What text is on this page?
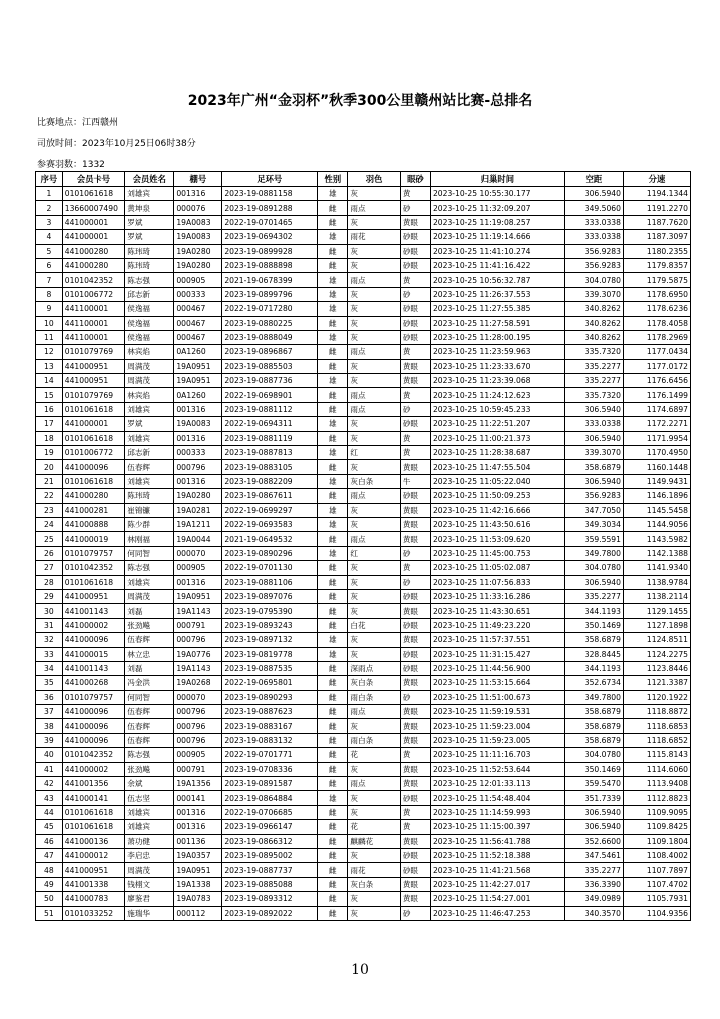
2023年广州“金羽杯”秋季300公里赣州站比赛-总排名
比赛地点：江西赣州
司放时间：2023年10月25日06时38分
参赛羽数：1332
序号	会员卡号	会员姓名	棚号	足环号	性别	羽色	眼砂	归巢时间	空距	分速
1	0101061618	刘雄宾	001316	2023-19-0881158	雄	灰	黄	2023-10-25 10:55:30.177	306.5940	1194.1344
2	13660007490	黄坤泉	000076	2023-19-0891288	雌	雨点	砂	2023-10-25 11:32:09.207	349.5060	1191.2270
3	441000001	罗斌	19A0083	2022-19-0701465	雌	灰	黄眼	2023-10-25 11:19:08.257	333.0338	1187.7620
4	441000001	罗斌	19A0083	2023-19-0694302	雄	雨花	砂眼	2023-10-25 11:19:14.666	333.0338	1187.3097
5	441000280	陈玮琦	19A0280	2023-19-0899928	雌	灰	砂眼	2023-10-25 11:41:10.274	356.9283	1180.2355
6	441000280	陈玮琦	19A0280	2023-19-0888898	雌	灰	砂眼	2023-10-25 11:41:16.422	356.9283	1179.8357
7	0101042352	陈志强	000905	2021-19-0678399	雄	雨点	黄	2023-10-25 10:56:32.787	304.0780	1179.5875
8	0101006772	邱志新	000333	2023-19-0899796	雄	灰	砂	2023-10-25 11:26:37.553	339.3070	1178.6950
9	441100001	侯逸福	000467	2022-19-0717280	雄	灰	砂眼	2023-10-25 11:27:55.385	340.8262	1178.6236
10	441100001	侯逸福	000467	2023-19-0880225	雌	灰	砂眼	2023-10-25 11:27:58.591	340.8262	1178.4058
11	441100001	侯逸福	000467	2023-19-0888049	雄	灰	砂眼	2023-10-25 11:28:00.195	340.8262	1178.2969
12	0101079769	林宾焰	0A1260	2023-19-0896867	雌	雨点	黄	2023-10-25 11:23:59.963	335.7320	1177.0434
13	441000951	周满茂	19A0951	2023-19-0885503	雌	灰	黄眼	2023-10-25 11:23:33.670	335.2277	1177.0172
14	441000951	周满茂	19A0951	2023-19-0887736	雄	灰	黄眼	2023-10-25 11:23:39.068	335.2277	1176.6456
15	0101079769	林宾焰	0A1260	2022-19-0698901	雌	雨点	黄	2023-10-25 11:24:12.623	335.7320	1176.1499
16	0101061618	刘雄宾	001316	2023-19-0881112	雌	雨点	砂	2023-10-25 10:59:45.233	306.5940	1174.6897
17	441000001	罗斌	19A0083	2022-19-0694311	雄	灰	砂眼	2023-10-25 11:22:51.207	333.0338	1172.2271
18	0101061618	刘雄宾	001316	2023-19-0881119	雌	灰	黄	2023-10-25 11:00:21.373	306.5940	1171.9954
19	0101006772	邱志新	000333	2023-19-0887813	雄	红	黄	2023-10-25 11:28:38.687	339.3070	1170.4950
20	441000096	伍春辉	000796	2023-19-0883105	雌	灰	黄眼	2023-10-25 11:47:55.504	358.6879	1160.1448
21	0101061618	刘雄宾	001316	2023-19-0882209	雄	灰白条	牛	2023-10-25 11:05:22.040	306.5940	1149.9431
22	441000280	陈玮琦	19A0280	2023-19-0867611	雌	雨点	砂眼	2023-10-25 11:50:09.253	356.9283	1146.1896
23	441000281	崔锦镰	19A0281	2022-19-0699297	雄	灰	黄眼	2023-10-25 11:42:16.666	347.7050	1145.5458
24	441000888	陈少群	19A1211	2022-19-0693583	雄	灰	黄眼	2023-10-25 11:43:50.616	349.3034	1144.9056
25	441000019	林刚福	19A0044	2021-19-0649532	雌	雨点	黄眼	2023-10-25 11:53:09.620	359.5591	1143.5982
26	0101079757	何同智	000070	2023-19-0890296	雄	红	砂	2023-10-25 11:45:00.753	349.7800	1142.1388
27	0101042352	陈志强	000905	2022-19-0701130	雌	灰	黄	2023-10-25 11:05:02.087	304.0780	1141.9340
28	0101061618	刘雄宾	001316	2023-19-0881106	雌	灰	砂	2023-10-25 11:07:56.833	306.5940	1138.9784
29	441000951	周满茂	19A0951	2023-19-0897076	雌	灰	砂眼	2023-10-25 11:33:16.286	335.2277	1138.2114
30	441001143	刘磊	19A1143	2023-19-0795390	雌	灰	黄眼	2023-10-25 11:43:30.651	344.1193	1129.1455
31	441000002	张劲飚	000791	2023-19-0893243	雌	白花	砂眼	2023-10-25 11:49:23.220	350.1469	1127.1898
32	441000096	伍春辉	000796	2023-19-0897132	雄	灰	黄眼	2023-10-25 11:57:37.551	358.6879	1124.8511
33	441000015	林立忠	19A0776	2023-19-0819778	雄	灰	砂眼	2023-10-25 11:31:15.427	328.8445	1124.2275
34	441001143	刘磊	19A1143	2023-19-0887535	雌	深雨点	砂眼	2023-10-25 11:44:56.900	344.1193	1123.8446
35	441000268	冯金洪	19A0268	2022-19-0695801	雌	灰白条	黄眼	2023-10-25 11:53:15.664	352.6734	1121.3387
36	0101079757	何同智	000070	2023-19-0890293	雌	雨白条	砂	2023-10-25 11:51:00.673	349.7800	1120.1922
37	441000096	伍春辉	000796	2023-19-0887623	雌	雨点	黄眼	2023-10-25 11:59:19.531	358.6879	1118.8872
38	441000096	伍春辉	000796	2023-19-0883167	雌	灰	黄眼	2023-10-25 11:59:23.004	358.6879	1118.6853
39	441000096	伍春辉	000796	2023-19-0883132	雌	雨白条	黄眼	2023-10-25 11:59:23.005	358.6879	1118.6852
40	0101042352	陈志强	000905	2022-19-0701771	雌	花	黄	2023-10-25 11:11:16.703	304.0780	1115.8143
41	441000002	张劲飚	000791	2023-19-0708336	雌	灰	黄眼	2023-10-25 11:52:53.644	350.1469	1114.6060
42	441001356	余斌	19A1356	2023-19-0891587	雌	雨点	黄眼	2023-10-25 12:01:33.113	359.5470	1113.9408
43	441000141	伍志坚	000141	2023-19-0864884	雄	灰	砂眼	2023-10-25 11:54:48.404	351.7339	1112.8823
44	0101061618	刘雄宾	001316	2022-19-0706685	雌	灰	黄	2023-10-25 11:14:59.993	306.5940	1109.9095
45	0101061618	刘雄宾	001316	2023-19-0966147	雌	花	黄	2023-10-25 11:15:00.397	306.5940	1109.8425
46	441000136	萧功健	001136	2023-19-0866312	雌	麒麟花	黄眼	2023-10-25 11:56:41.788	352.6600	1109.1804
47	441000012	李启忠	19A0357	2023-19-0895002	雌	灰	砂眼	2023-10-25 11:52:18.388	347.5461	1108.4002
48	441000951	周满茂	19A0951	2023-19-0887737	雌	雨花	砂眼	2023-10-25 11:41:21.568	335.2277	1107.7897
49	441001338	钱栩文	19A1338	2023-19-0885088	雌	灰白条	黄眼	2023-10-25 11:42:27.017	336.3390	1107.4702
50	441000783	廖鉴君	19A0783	2023-19-0893312	雌	灰	黄眼	2023-10-25 11:54:27.001	349.0989	1105.7931
51	0101033252	施瑞华	000112	2023-19-0892022	雌	灰	砂	2023-10-25 11:46:47.253	340.3570	1104.9356
10
